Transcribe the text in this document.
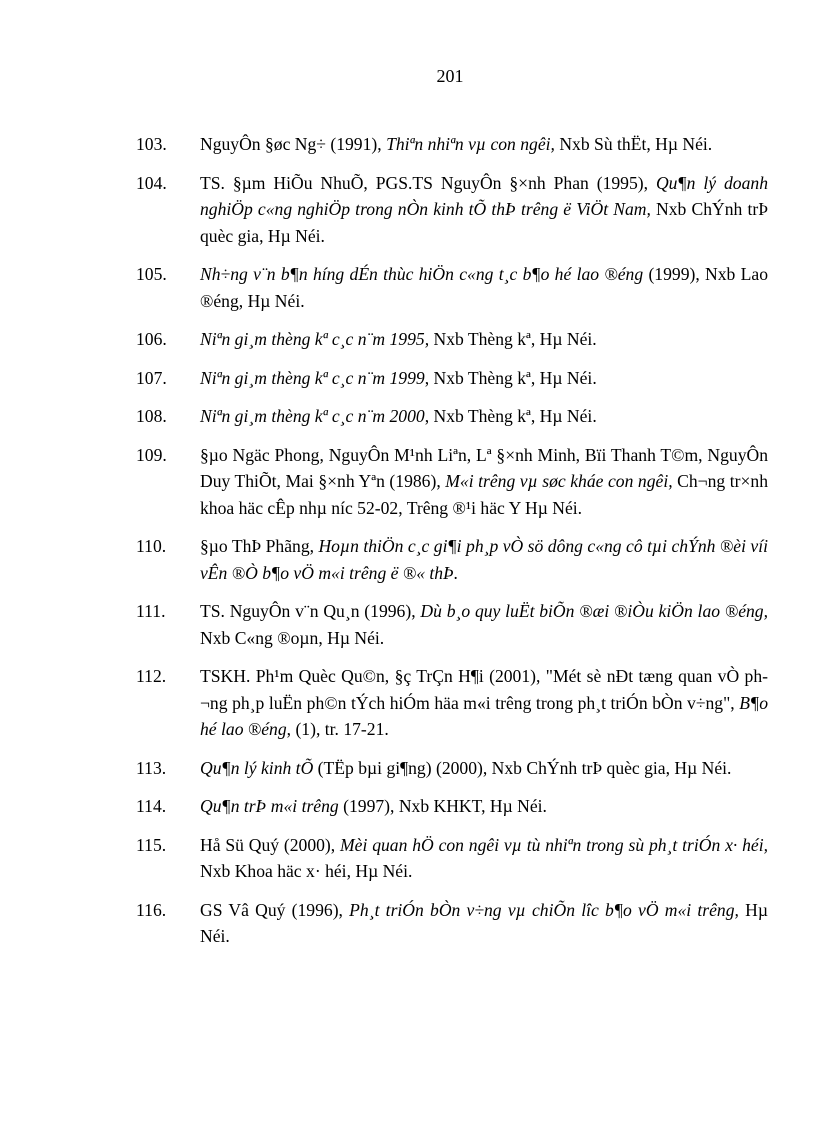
201
103. NguyÔn §øc Ng÷ (1991), Thiªn nhiªn vµ con ngêi, Nxb Sù thËt, Hµ Néi.
104. TS. §µm HiÕu NhuÕ, PGS.TS NguyÔn §×nh Phan (1995), Qu¶n lý doanh nghiÖp c«ng nghiÖp trong nÒn kinh tÕ thÞ trêng ë ViÖt Nam, Nxb ChÝnh trÞ quèc gia, Hµ Néi.
105. Nh÷ng v¨n b¶n híng dÉn thùc hiÖn c«ng t¸c b¶o hé lao ®éng (1999), Nxb Lao ®éng, Hµ Néi.
106. Niªn gi¸m thèng kª c¸c n¨m 1995, Nxb Thèng kª, Hµ Néi.
107. Niªn gi¸m thèng kª c¸c n¨m 1999, Nxb Thèng kª, Hµ Néi.
108. Niªn gi¸m thèng kª c¸c n¨m 2000, Nxb Thèng kª, Hµ Néi.
109. §µo Ngäc Phong, NguyÔn M¹nh Liªn, Lª §×nh Minh, Bïi Thanh T©m, NguyÔn Duy ThiÕt, Mai §×nh Yªn (1986), M«i trêng vµ søc kháe con ngêi, Ch¬ng tr×nh khoa häc cÊp nhµ níc 52-02, Trêng ®¹i häc Y Hµ Néi.
110. §µo ThÞ Phãng, Hoµn thiÖn c¸c gi¶i ph¸p vÒ sö dông c«ng cô tµi chÝnh ®èi víi vÊn ®Ò b¶o vÖ m«i trêng ë ®« thÞ.
111. TS. NguyÔn v¨n Qu¸n (1996), Dù b¸o quy luËt biÕn ®æi ®iÒu kiÖn lao ®éng, Nxb C«ng ®oµn, Hµ Néi.
112. TSKH. Ph¹m Quèc Qu©n, §ç TrÇn H¶i (2001), "Mét sè nÐt tæng quan vÒ ph¬ng ph¸p luËn ph©n tÝch hiÓm häa m«i trêng trong ph¸t triÓn bÒn v÷ng", B¶o hé lao ®éng, (1), tr. 17-21.
113. Qu¶n lý kinh tÕ (TËp bµi gi¶ng) (2000), Nxb ChÝnh trÞ quèc gia, Hµ Néi.
114. Qu¶n trÞ m«i trêng (1997), Nxb KHKT, Hµ Néi.
115. Hå Sü Quý (2000), Mèi quan hÖ con ngêi vµ tù nhiªn trong sù ph¸t triÓn x· héi, Nxb Khoa häc x· héi, Hµ Néi.
116. GS Vâ Quý (1996), Ph¸t triÓn bÒn v÷ng vµ chiÕn lîc b¶o vÖ m«i trêng, Hµ Néi.
